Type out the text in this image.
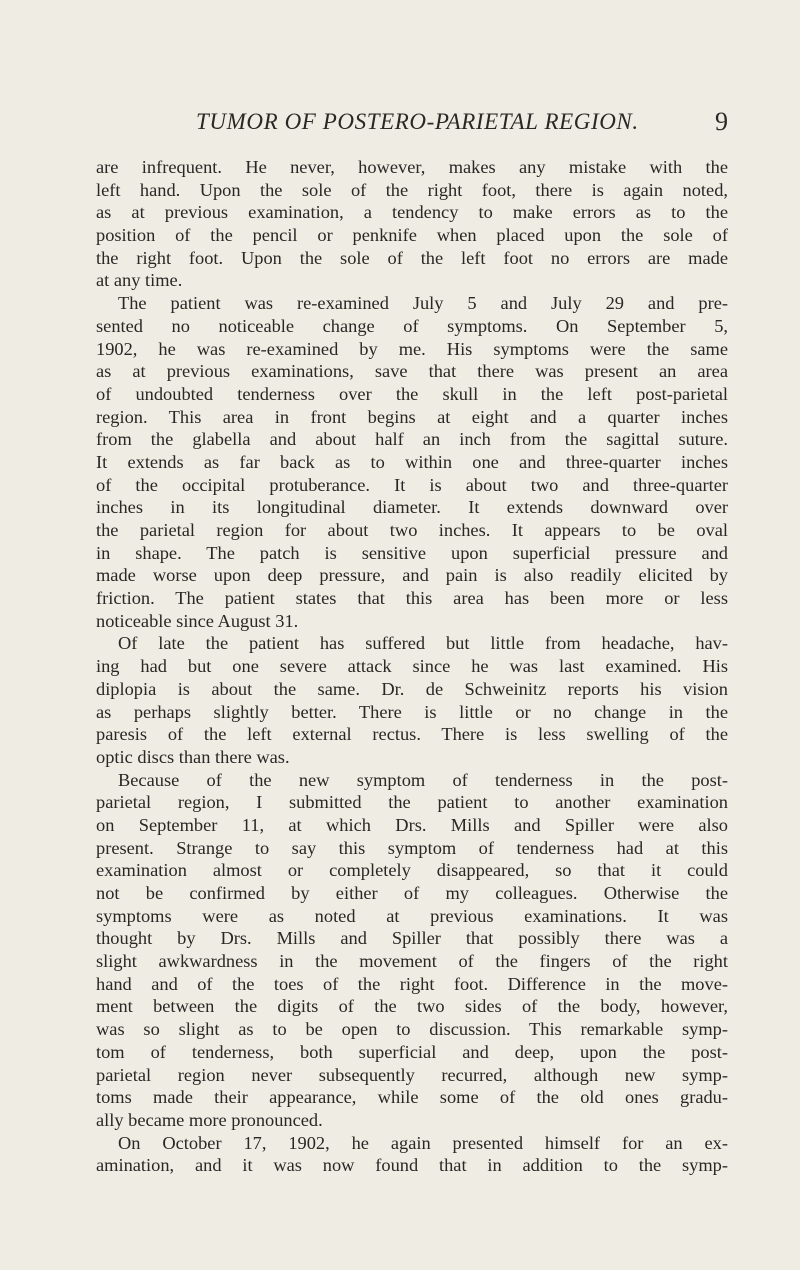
TUMOR OF POSTERO-PARIETAL REGION.	9
are infrequent. He never, however, makes any mistake with the
left hand. Upon the sole of the right foot, there is again noted,
as at previous examination, a tendency to make errors as to the
position of the pencil or penknife when placed upon the sole of
the right foot. Upon the sole of the left foot no errors are made
at any time.
The patient was re-examined July 5 and July 29 and pre-
sented no noticeable change of symptoms. On September 5,
1902, he was re-examined by me. His symptoms were the same
as at previous examinations, save that there was present an area
of undoubted tenderness over the skull in the left post-parietal
region. This area in front begins at eight and a quarter inches
from the glabella and about half an inch from the sagittal suture.
It extends as far back as to within one and three-quarter inches
of the occipital protuberance. It is about two and three-quarter
inches in its longitudinal diameter. It extends downward over
the parietal region for about two inches. It appears to be oval
in shape. The patch is sensitive upon superficial pressure and
made worse upon deep pressure, and pain is also readily elicited by
friction. The patient states that this area has been more or less
noticeable since August 31.
Of late the patient has suffered but little from headache, hav-
ing had but one severe attack since he was last examined. His
diplopia is about the same. Dr. de Schweinitz reports his vision
as perhaps slightly better. There is little or no change in the
paresis of the left external rectus. There is less swelling of the
optic discs than there was.
Because of the new symptom of tenderness in the post-
parietal region, I submitted the patient to another examination
on September 11, at which Drs. Mills and Spiller were also
present. Strange to say this symptom of tenderness had at this
examination almost or completely disappeared, so that it could
not be confirmed by either of my colleagues. Otherwise the
symptoms were as noted at previous examinations. It was
thought by Drs. Mills and Spiller that possibly there was a
slight awkwardness in the movement of the fingers of the right
hand and of the toes of the right foot. Difference in the move-
ment between the digits of the two sides of the body, however,
was so slight as to be open to discussion. This remarkable symp-
tom of tenderness, both superficial and deep, upon the post-
parietal region never subsequently recurred, although new symp-
toms made their appearance, while some of the old ones gradu-
ally became more pronounced.
On October 17, 1902, he again presented himself for an ex-
amination, and it was now found that in addition to the symp-
